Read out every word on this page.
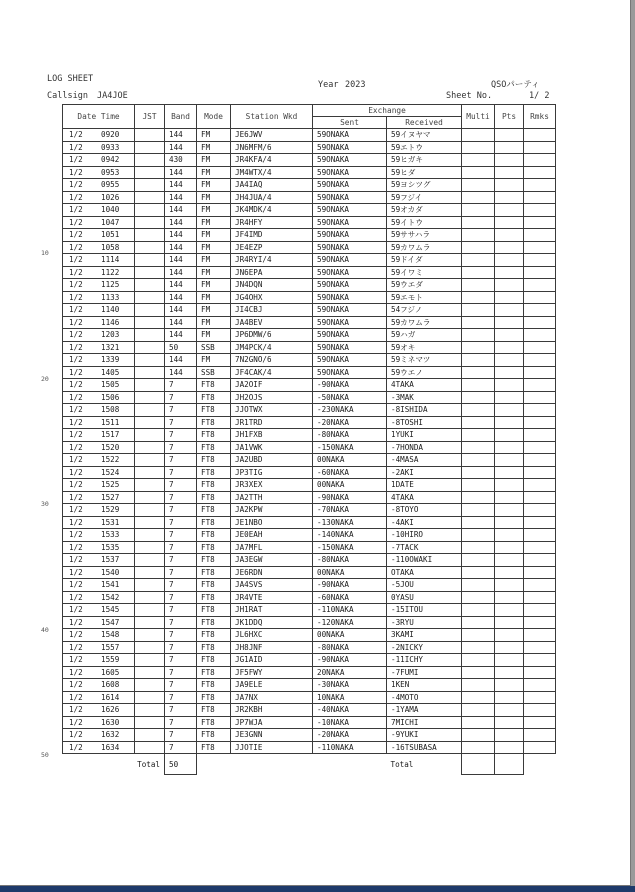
LOG SHEET
Year 2023	QSOパーティ
Callsign JA4JOE	Sheet No.	1/ 2
10
20
30
40
50
Date Time	JST	Band	Mode	Station Wkd	Exchange		Multi	Pts	Rmks
					Sent	Received			
1/2 0920		144	FM	JE6JWV	59ONAKA	59イヌヤマ			
1/2 0933		144	FM	JN6MFM/6	59ONAKA	59エトウ			
1/2 0942		430	FM	JR4KFA/4	59ONAKA	59ヒガキ			
1/2 0953		144	FM	JM4WTX/4	59ONAKA	59ヒダ			
1/2 0955		144	FM	JA4IAQ	59ONAKA	59ヨシツグ			
1/2 1026		144	FM	JH4JUA/4	59ONAKA	59フジイ			
1/2 1040		144	FM	JK4MDK/4	59ONAKA	59オカダ			
1/2 1047		144	FM	JR4HFY	59ONAKA	59イトウ			
1/2 1051		144	FM	JF4IMD	59ONAKA	59ササハラ			
1/2 1058		144	FM	JE4EZP	59ONAKA	59カワムラ			
1/2 1114		144	FM	JR4RYI/4	59ONAKA	59ドイダ			
1/2 1122		144	FM	JN6EPA	59ONAKA	59イワミ			
1/2 1125		144	FM	JN4DQN	59ONAKA	59ウエダ			
1/2 1133		144	FM	JG4OHX	59ONAKA	59エモト			
1/2 1140		144	FM	JI4CBJ	59ONAKA	54フジノ			
1/2 1146		144	FM	JA4BEV	59ONAKA	59カワムラ			
1/2 1203		144	FM	JP6DMW/6	59ONAKA	59ハガ			
1/2 1321		50	SSB	JM4PCK/4	59ONAKA	59オキ			
1/2 1339		144	FM	7N2GNO/6	59ONAKA	59ミネマツ			
1/2 1405		144	SSB	JF4CAK/4	59ONAKA	59ウエノ			
1/2 1505		7	FT8	JA2OIF	-90NAKA	4TAKA			
1/2 1506		7	FT8	JH2OJS	-50NAKA	-3MAK			
1/2 1508		7	FT8	JJOTWX	-230NAKA	-8ISHIDA			
1/2 1511		7	FT8	JR1TRD	-20NAKA	-8TOSHI			
1/2 1517		7	FT8	JH1FXB	-80NAKA	1YUKI			
1/2 1520		7	FT8	JA1VWK	-150NAKA	-7HONDA			
1/2 1522		7	FT8	JA2UBD	00NAKA	-4MASA			
1/2 1524		7	FT8	JP3TIG	-60NAKA	-2AKI			
1/2 1525		7	FT8	JR3XEX	00NAKA	1DATE			
1/2 1527		7	FT8	JA2TTH	-90NAKA	4TAKA			
1/2 1529		7	FT8	JA2KPW	-70NAKA	-8TOYO			
1/2 1531		7	FT8	JE1NBO	-130NAKA	-4AKI			
1/2 1533		7	FT8	JE0EAH	-140NAKA	-10HIRO			
1/2 1535		7	FT8	JA7MFL	-150NAKA	-7TACK			
1/2 1537		7	FT8	JA3EGW	-80NAKA	-110OWAKI			
1/2 1540		7	FT8	JE6RDN	00NAKA	OTAKA			
1/2 1541		7	FT8	JA4SVS	-90NAKA	-5JOU			
1/2 1542		7	FT8	JR4VTE	-60NAKA	0YASU			
1/2 1545		7	FT8	JH1RAT	-110NAKA	-15ITOU			
1/2 1547		7	FT8	JK1DDQ	-120NAKA	-3RYU			
1/2 1548		7	FT8	JL6HXC	00NAKA	3KAMI			
1/2 1557		7	FT8	JH8JNF	-80NAKA	-2NICKY			
1/2 1559		7	FT8	JG1AID	-90NAKA	-11ICHY			
1/2 1605		7	FT8	JF5FWY	20NAKA	-7FUMI			
1/2 1608		7	FT8	JA9ELE	-30NAKA	1KEN			
1/2 1614		7	FT8	JA7NX	10NAKA	-4MOTO			
1/2 1626		7	FT8	JR2KBH	-40NAKA	-1YAMA			
1/2 1630		7	FT8	JP7WJA	-10NAKA	7MICHI			
1/2 1632		7	FT8	JE3GNN	-20NAKA	-9YUKI			
1/2 1634		7	FT8	JJOTIE	-110NAKA	-16TSUBASA			
Total		50				Total			
